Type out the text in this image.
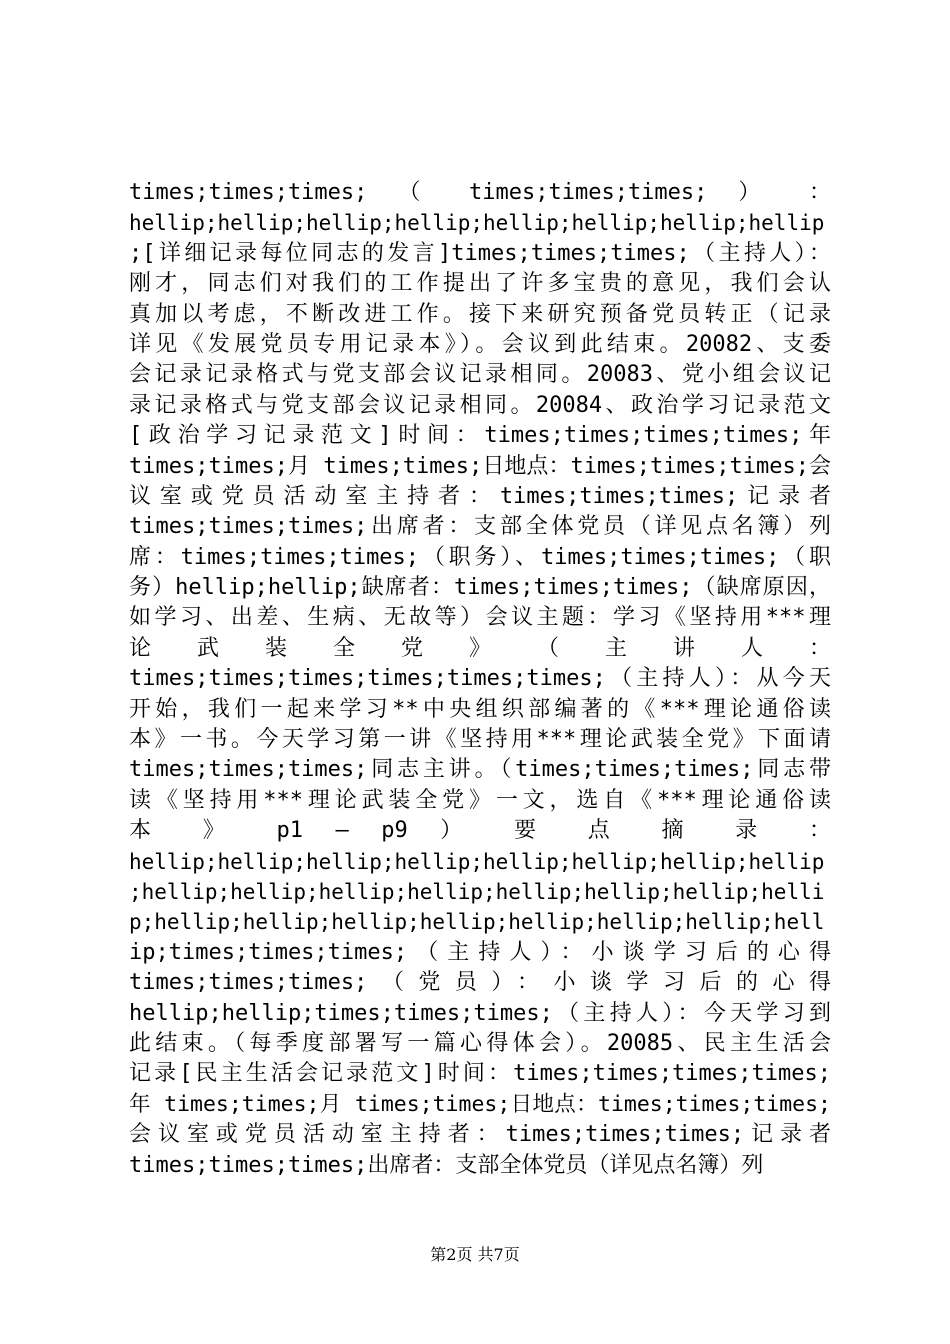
times;times;times; （ times;times;times; ） ：
hellip;hellip;hellip;hellip;hellip;hellip;hellip;hellip
;[详细记录每位同志的发言]times;times;times;（主持人）：
刚才，同志们对我们的工作提出了许多宝贵的意见，我们会认
真加以考虑，不断改进工作。接下来研究预备党员转正（记录
详见《发展党员专用记录本》）。会议到此结束。20082、支委
会记录记录格式与党支部会议记录相同。20083、党小组会议记
录记录格式与党支部会议记录相同。20084、政治学习记录范文
[政治学习记录范文]时间：times;times;times;times;年
times;times;月 times;times;日地点：times;times;times;会
议室或党员活动室主持者：times;times;times;记录者
times;times;times;出席者：支部全体党员（详见点名簿）列
席：times;times;times;（职务）、times;times;times;（职
务）hellip;hellip;缺席者：times;times;times;（缺席原因，
如学习、出差、生病、无故等）会议主题：学习《坚持用***理
论 武 装 全 党 》 （ 主 讲 人 ：
times;times;times;times;times;times;（主持人）：从今天
开始，我们一起来学习**中央组织部编著的《***理论通俗读
本》一书。今天学习第一讲《坚持用***理论武装全党》下面请
times;times;times;同志主讲。（times;times;times;同志带
读《坚持用***理论武装全党》一文，选自《***理论通俗读
本 》 p1 — p9 ） 要 点 摘 录 ：
hellip;hellip;hellip;hellip;hellip;hellip;hellip;hellip
;hellip;hellip;hellip;hellip;hellip;hellip;hellip;helli
p;hellip;hellip;hellip;hellip;hellip;hellip;hellip;hell
ip;times;times;times;（主持人）：小谈学习后的心得
times;times;times;（党员）：小谈学习后的心得
hellip;hellip;times;times;times;（主持人）：今天学习到
此结束。（每季度部署写一篇心得体会）。20085、民主生活会
记录[民主生活会记录范文]时间：times;times;times;times;
年 times;times;月 times;times;日地点：times;times;times;
会议室或党员活动室主持者：times;times;times;记录者
times;times;times;出席者：支部全体党员（详见点名簿）列
第2页 共7页
